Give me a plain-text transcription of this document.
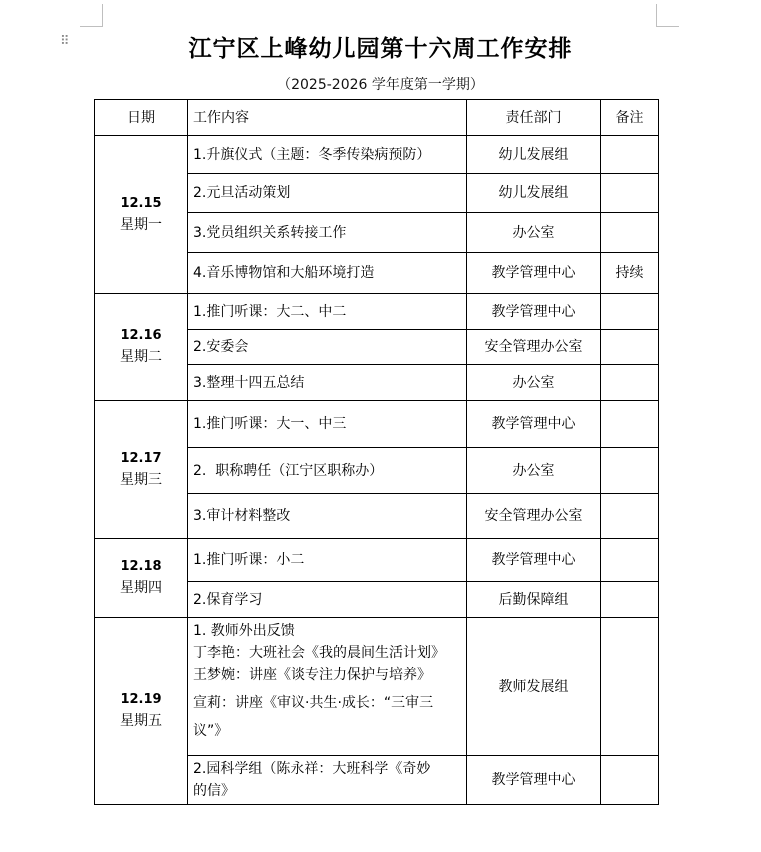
⠿	江宁区上峰幼儿园第十六周工作安排
（2025-2026 学年度第一学期）
日期	工作内容	责任部门	备注

12.15
星期一	1.升旗仪式（主题：冬季传染病预防）	幼儿发展组	
	2.元旦活动策划	幼儿发展组	
	3.党员组织关系转接工作	办公室	
	4.音乐博物馆和大船环境打造	教学管理中心	持续

12.16
星期二	1.推门听课：大二、中二	教学管理中心	
	2.安委会	安全管理办公室	
	3.整理十四五总结	办公室	

12.17
星期三	1.推门听课：大一、中三	教学管理中心	
	2.  职称聘任（江宁区职称办）	办公室	
	3.审计材料整改	安全管理办公室	

12.18
星期四	1.推门听课：小二	教学管理中心	
	2.保育学习	后勤保障组	

12.19
星期五	1. 教师外出反馈
丁李艳：大班社会《我的晨间生活计划》
王梦婉：讲座《谈专注力保护与培养》
宣莉：讲座《审议·共生·成长：“三审三
议”》	教师发展组	

	2.园科学组（陈永祥：大班科学《奇妙
的信》	教学管理中心	
